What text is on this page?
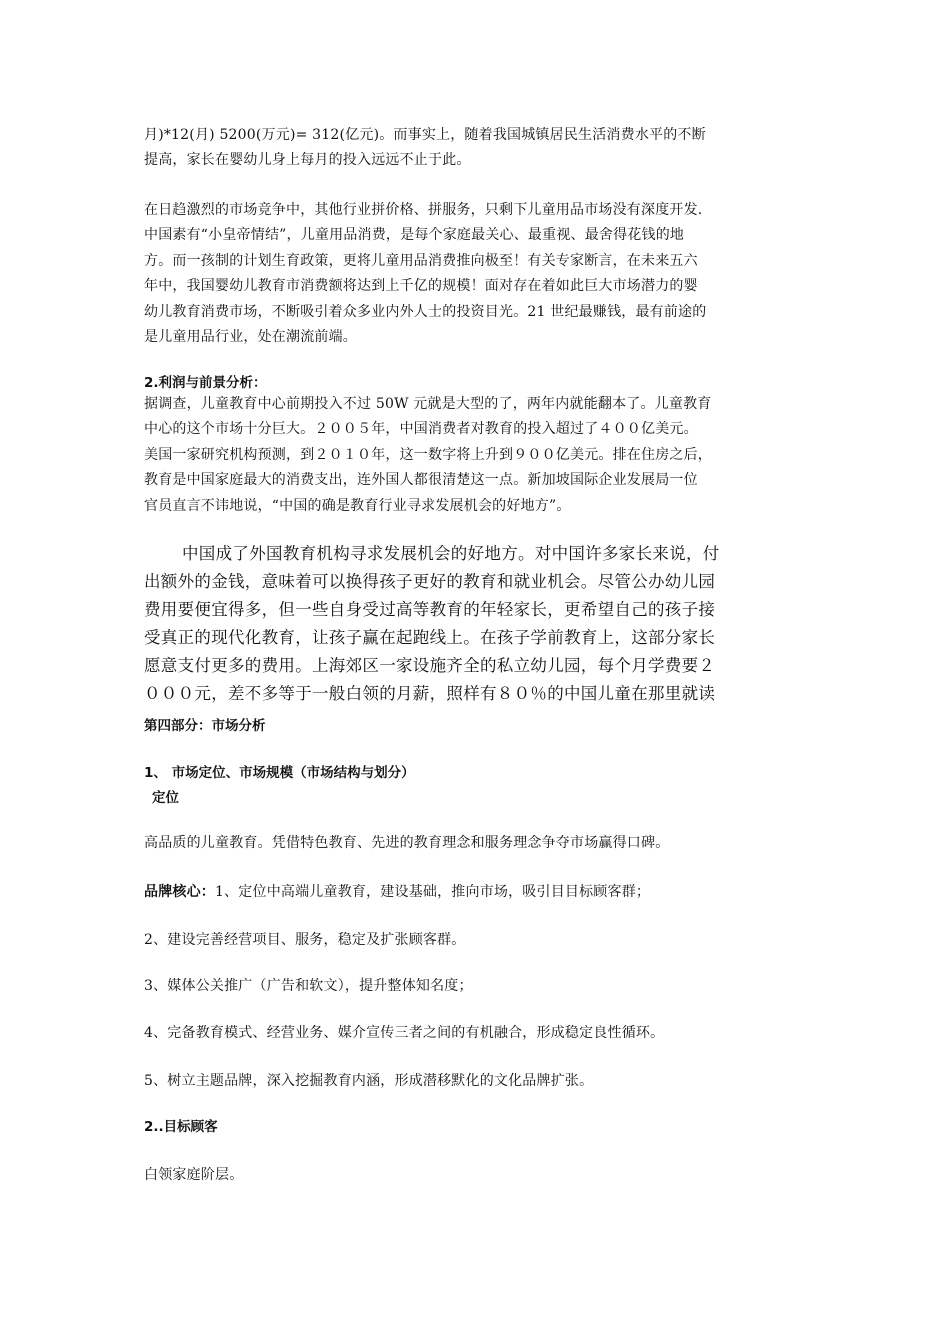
月)*12(月) 5200(万元)= 312(亿元)。而事实上，随着我国城镇居民生活消费水平的不断
提高，家长在婴幼儿身上每月的投入远远不止于此。
在日趋激烈的市场竞争中，其他行业拼价格、拼服务，只剩下儿童用品市场没有深度开发.
中国素有“小皇帝情结”，儿童用品消费，是每个家庭最关心、最重视、最舍得花钱的地
方。而一孩制的计划生育政策，更将儿童用品消费推向极至！有关专家断言，在未来五六
年中，我国婴幼儿教育市消费额将达到上千亿的规模！面对存在着如此巨大市场潜力的婴
幼儿教育消费市场，不断吸引着众多业内外人士的投资目光。21 世纪最赚钱，最有前途的
是儿童用品行业，处在潮流前端。
2.利润与前景分析：
据调查，儿童教育中心前期投入不过 50W 元就是大型的了，两年内就能翻本了。儿童教育
中心的这个市场十分巨大。２００５年，中国消费者对教育的投入超过了４００亿美元。
美国一家研究机构预测，到２０１０年，这一数字将上升到９００亿美元。排在住房之后，
教育是中国家庭最大的消费支出，连外国人都很清楚这一点。新加坡国际企业发展局一位
官员直言不讳地说，“中国的确是教育行业寻求发展机会的好地方”。
中国成了外国教育机构寻求发展机会的好地方。对中国许多家长来说，付
出额外的金钱，意味着可以换得孩子更好的教育和就业机会。尽管公办幼儿园
费用要便宜得多，但一些自身受过高等教育的年轻家长，更希望自己的孩子接
受真正的现代化教育，让孩子赢在起跑线上。在孩子学前教育上，这部分家长
愿意支付更多的费用。上海郊区一家设施齐全的私立幼儿园，每个月学费要２
０００元，差不多等于一般白领的月薪，照样有８０％的中国儿童在那里就读
第四部分：市场分析
1、 市场定位、市场规模（市场结构与划分）
定位
高品质的儿童教育。凭借特色教育、先进的教育理念和服务理念争夺市场赢得口碑。
品牌核心：1、定位中高端儿童教育，建设基础，推向市场，吸引目目标顾客群；
2、建设完善经营项目、服务，稳定及扩张顾客群。
3、媒体公关推广（广告和软文），提升整体知名度；
4、完备教育模式、经营业务、媒介宣传三者之间的有机融合，形成稳定良性循环。
5、树立主题品牌，深入挖掘教育内涵，形成潜移默化的文化品牌扩张。
2..目标顾客
白领家庭阶层。
